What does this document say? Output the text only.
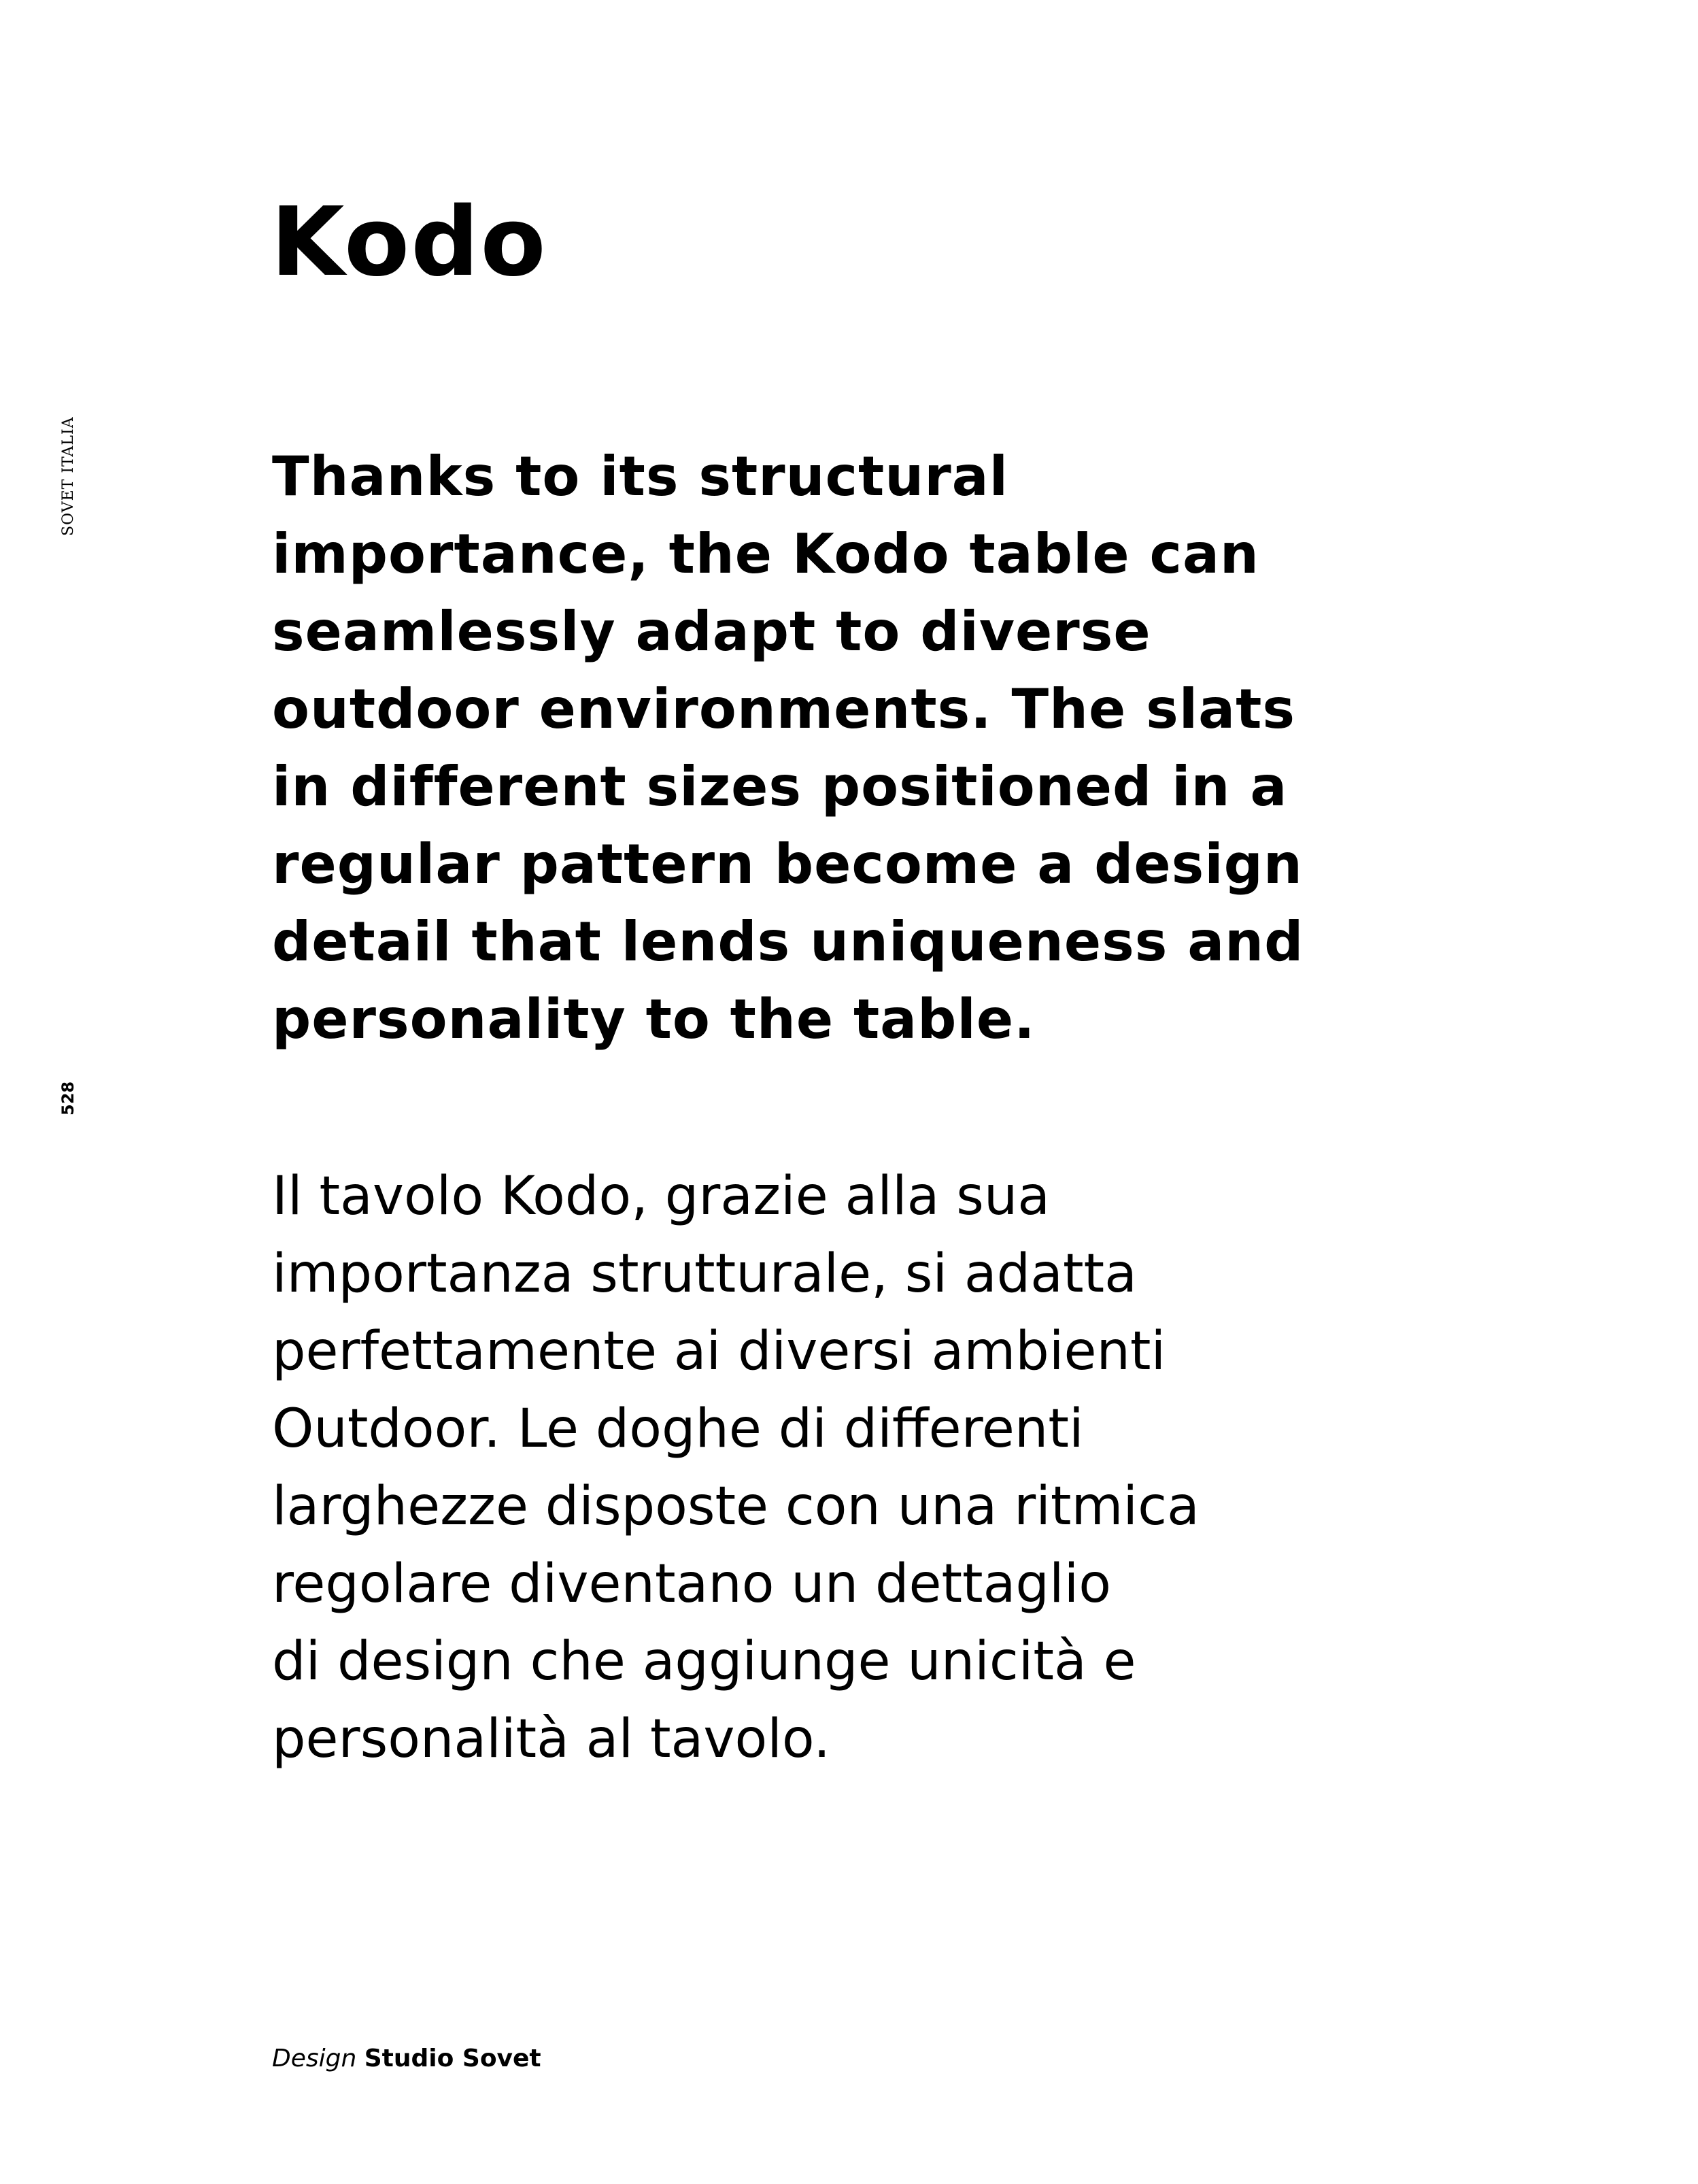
SOVET ITALIA
528
Kodo

Thanks to its structural
importance, the Kodo table can
seamlessly adapt to diverse
outdoor environments. The slats
in different sizes positioned in a
regular pattern become a design
detail that lends uniqueness and
personality to the table.

Il tavolo Kodo, grazie alla sua
importanza strutturale, si adatta
perfettamente ai diversi ambienti
Outdoor. Le doghe di differenti
larghezze disposte con una ritmica
regolare diventano un dettaglio
di design che aggiunge unicità e
personalità al tavolo.

Design Studio Sovet
